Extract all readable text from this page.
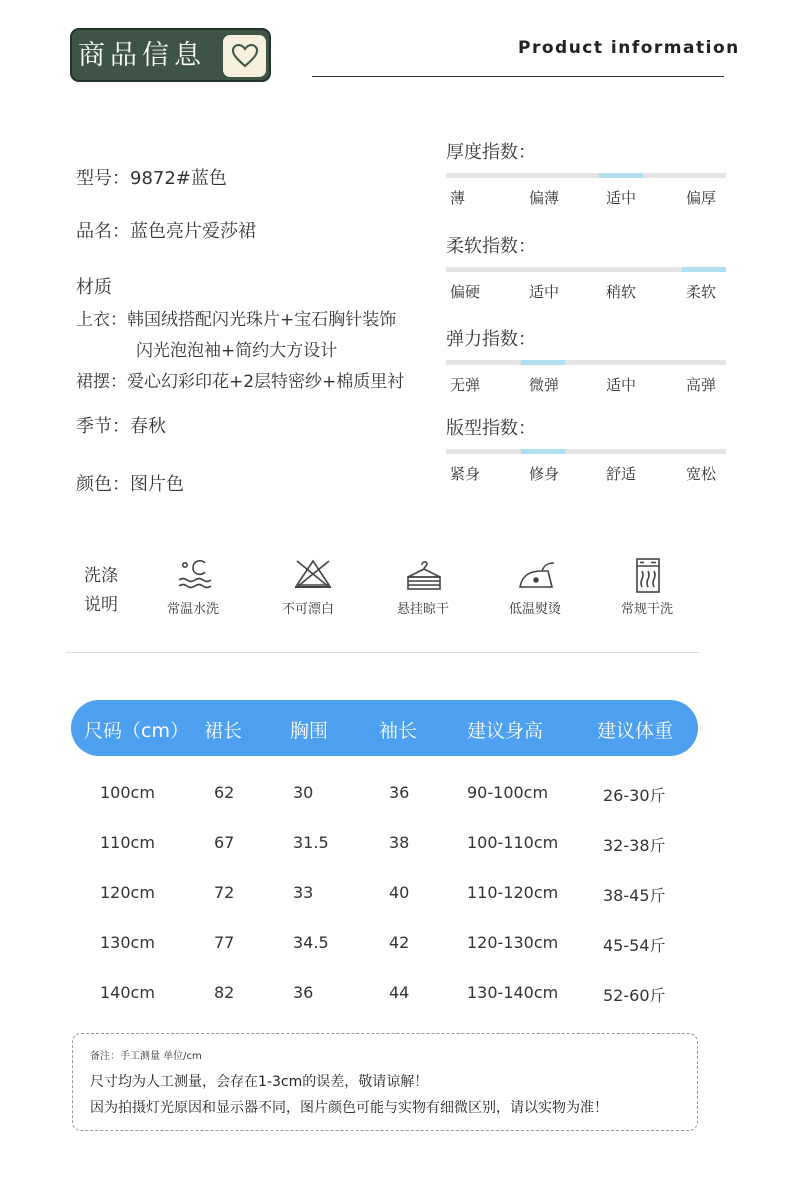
商品信息	Product information
型号：9872#蓝色
品名：蓝色亮片爱莎裙
材质
上衣：韩国绒搭配闪光珠片+宝石胸针装饰
闪光泡泡袖+简约大方设计
裙摆：爱心幻彩印花+2层特密纱+棉质里衬
季节：春秋
颜色：图片色
厚度指数：
薄	偏薄	适中	偏厚
柔软指数：
偏硬	适中	稍软	柔软
弹力指数：
无弹	微弹	适中	高弹
版型指数：
紧身	修身	舒适	宽松
洗涤
说明	常温水洗	不可漂白	悬挂晾干	低温熨烫	常规干洗
尺码（cm） 裙长	胸围	袖长	建议身高	建议体重
100cm	62	30	36	90-100cm	26-30斤
110cm	67	31.5	38	100-110cm	32-38斤
120cm	72	33	40	110-120cm	38-45斤
130cm	77	34.5	42	120-130cm	45-54斤
140cm	82	36	44	130-140cm	52-60斤
备注：手工测量 单位/cm
尺寸均为人工测量，会存在1-3cm的误差，敬请谅解！
因为拍摄灯光原因和显示器不同，图片颜色可能与实物有细微区别，请以实物为准！
